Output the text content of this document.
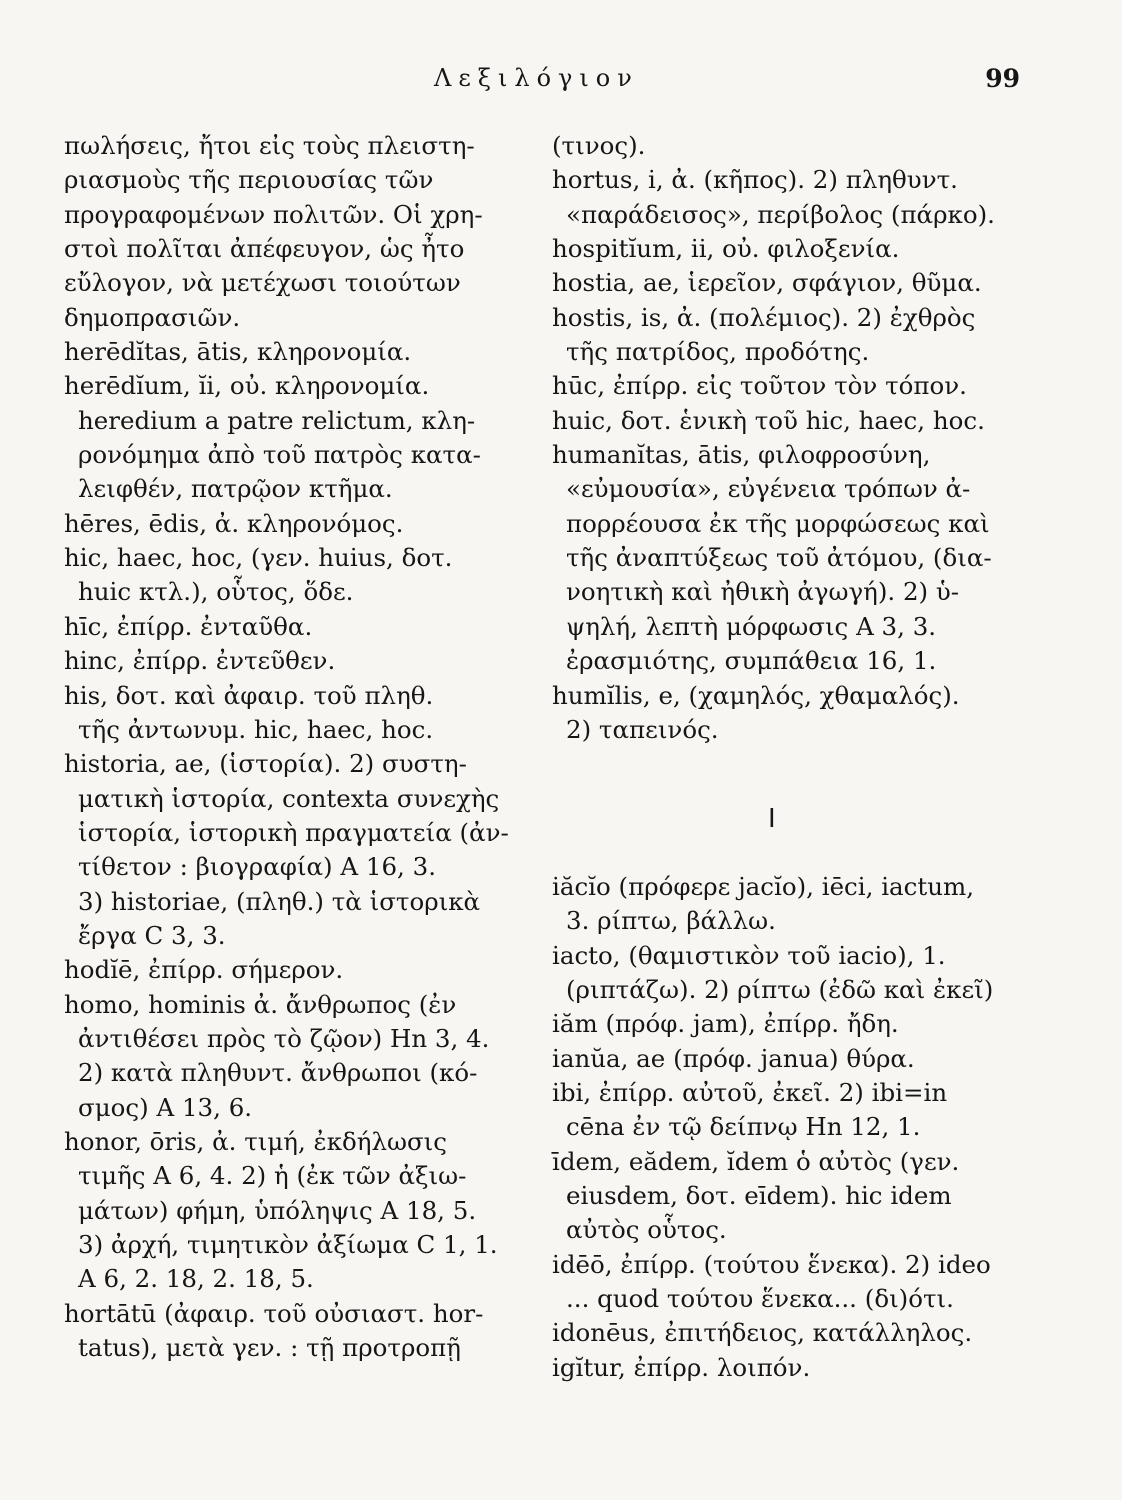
Λεξιλόγιον	99
πωλήσεις, ἤτοι εἰς τοὺς πλειστη-
ριασμοὺς τῆς περιουσίας τῶν
προγραφομένων πολιτῶν. Οἱ χρη-
στοὶ πολῖται ἀπέφευγον, ὡς ἦτο
εὔλογον, νὰ μετέχωσι τοιούτων
δημοπρασιῶν.
herēdĭtas, ātis, κληρονομία.
herēdĭum, ĭi, οὐ. κληρονομία.
heredium a patre relictum, κλη-
ρονόμημα ἀπὸ τοῦ πατρὸς κατα-
λειφθέν, πατρῷον κτῆμα.
hēres, ēdis, ἀ. κληρονόμος.
hic, haec, hoc, (γεν. huius, δοτ.
huic κτλ.), οὗτος, ὅδε.
hīc, ἐπίρρ. ἐνταῦθα.
hinc, ἐπίρρ. ἐντεῦθεν.
his, δοτ. καὶ ἀφαιρ. τοῦ πληθ.
τῆς ἀντωνυμ. hic, haec, hoc.
historia, ae, (ἱστορία). 2) συστη-
ματικὴ ἱστορία, contexta συνεχὴς
ἱστορία, ἱστορικὴ πραγματεία (ἀν-
τίθετον : βιογραφία) Α 16, 3.
3) historiae, (πληθ.) τὰ ἱστορικὰ
ἔργα C 3, 3.
hodĭē, ἐπίρρ. σήμερον.
homo, hominis ἀ. ἄνθρωπος (ἐν
ἀντιθέσει πρὸς τὸ ζῷον) Hn 3, 4.
2) κατὰ πληθυντ. ἄνθρωποι (κό-
σμος) Α 13, 6.
honor, ōris, ἀ. τιμή, ἐκδήλωσις
τιμῆς Α 6, 4. 2) ἡ (ἐκ τῶν ἀξιω-
μάτων) φήμη, ὑπόληψις Α 18, 5.
3) ἀρχή, τιμητικὸν ἀξίωμα C 1, 1.
Α 6, 2. 18, 2. 18, 5.
hortātū (ἀφαιρ. τοῦ οὐσιαστ. hor-
tatus), μετὰ γεν. : τῇ προτροπῇ
(τινος).
hortus, i, ἀ. (κῆπος). 2) πληθυντ.
«παράδεισος», περίβολος (πάρκο).
hospitĭum, ii, οὐ. φιλοξενία.
hostia, ae, ἱερεῖον, σφάγιον, θῦμα.
hostis, is, ἀ. (πολέμιος). 2) ἐχθρὸς
τῆς πατρίδος, προδότης.
hūc, ἐπίρρ. εἰς τοῦτον τὸν τόπον.
huic, δοτ. ἑνικὴ τοῦ hic, haec, hoc.
humanĭtas, ātis, φιλοφροσύνη,
«εὐμουσία», εὐγένεια τρόπων ἀ-
πορρέουσα ἐκ τῆς μορφώσεως καὶ
τῆς ἀναπτύξεως τοῦ ἀτόμου, (δια-
νοητικὴ καὶ ἠθικὴ ἀγωγή). 2) ὑ-
ψηλή, λεπτὴ μόρφωσις Α 3, 3.
ἐρασμιότης, συμπάθεια 16, 1.
humĭlis, e, (χαμηλός, χθαμαλός).
2) ταπεινός.
I
iăcĭo (πρόφερε jacĭo), iēci, iactum,
3. ρίπτω, βάλλω.
iacto, (θαμιστικὸν τοῦ iacio), 1.
(ριπτάζω). 2) ρίπτω (ἐδῶ καὶ ἐκεῖ)
iăm (πρόφ. jam), ἐπίρρ. ἤδη.
ianŭa, ae (πρόφ. janua) θύρα.
ibi, ἐπίρρ. αὐτοῦ, ἐκεῖ. 2) ibi=in
cēna ἐν τῷ δείπνῳ Hn 12, 1.
īdem, eădem, ĭdem ὁ αὐτὸς (γεν.
eiusdem, δοτ. eīdem). hic idem
αὐτὸς οὗτος.
idēō, ἐπίρρ. (τούτου ἕνεκα). 2) ideo
... quod τούτου ἕνεκα... (δι)ότι.
idonēus, ἐπιτήδειος, κατάλληλος.
igĭtur, ἐπίρρ. λοιπόν.
